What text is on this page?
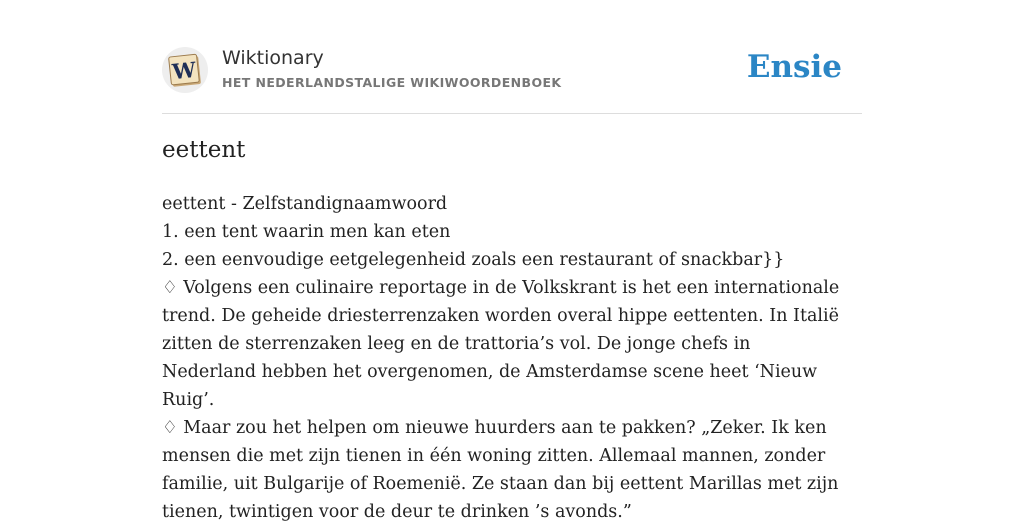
W Wiktionary
HET NEDERLANDSTALIGE WIKIWOORDENBOEK	Ensie
eettent

eettent - Zelfstandignaamwoord

1. een tent waarin men kan eten

2. een eenvoudige eetgelegenheid zoals een restaurant of snackbar}}

♢ Volgens een culinaire reportage in de Volkskrant is het een internationale trend. De geheide driesterrenzaken worden overal hippe eettenten. In Italië zitten de sterrenzaken leeg en de trattoria’s vol. De jonge chefs in Nederland hebben het overgenomen, de Amsterdamse scene heet ‘Nieuw Ruig’.

♢ Maar zou het helpen om nieuwe huurders aan te pakken? „Zeker. Ik ken mensen die met zijn tienen in één woning zitten. Allemaal mannen, zonder familie, uit Bulgarije of Roemenië. Ze staan dan bij eettent Marillas met zijn tienen, twintigen voor de deur te drinken ’s avonds.”
